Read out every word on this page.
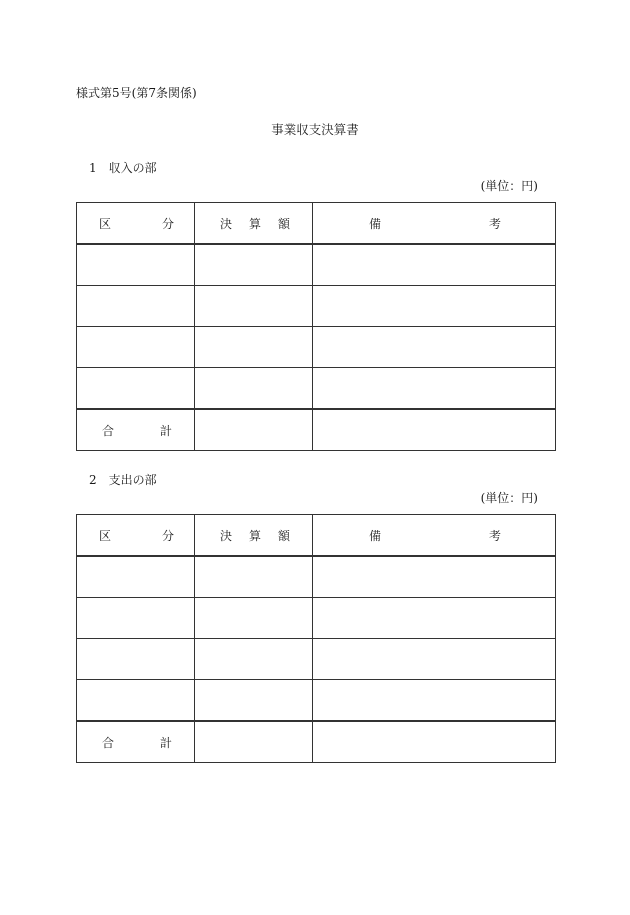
様式第5号(第7条関係)
事業収支決算書
1　収入の部
(単位：円)
区 分	決 算 額	備 考

合 計		

2　支出の部
(単位：円)
区 分	決 算 額	備 考

合 計		
